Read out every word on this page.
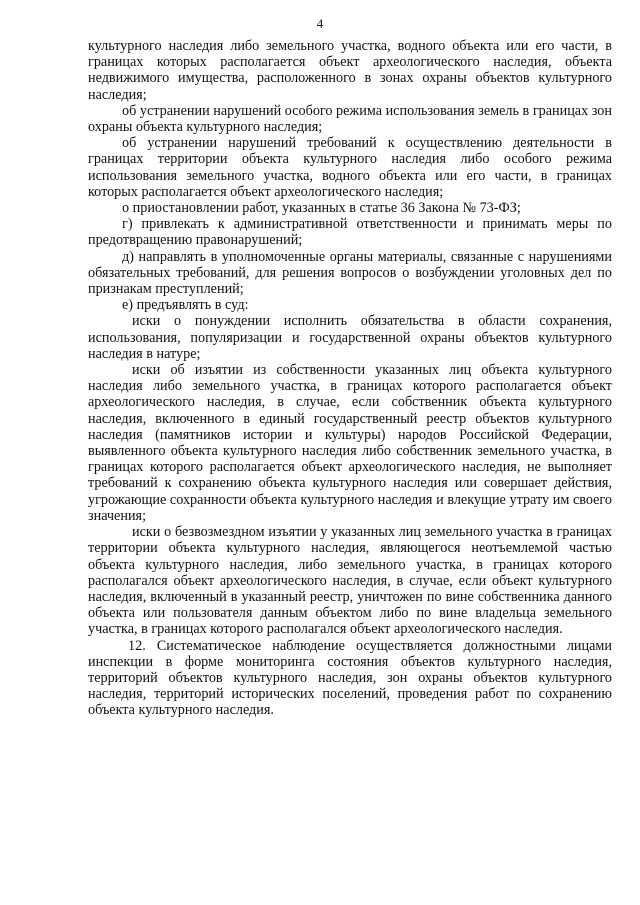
4

культурного наследия либо земельного участка, водного объекта или его части, в границах которых располагается объект археологического наследия, объекта недвижимого имущества, расположенного в зонах охраны объектов культурного наследия;

об устранении нарушений особого режима использования земель в границах зон охраны объекта культурного наследия;

об устранении нарушений требований к осуществлению деятельности в границах территории объекта культурного наследия либо особого режима использования земельного участка, водного объекта или его части, в границах которых располагается объект археологического наследия;

о приостановлении работ, указанных в статье 36 Закона № 73-ФЗ;

г) привлекать к административной ответственности и принимать меры по предотвращению правонарушений;

д) направлять в уполномоченные органы материалы, связанные с нарушениями обязательных требований, для решения вопросов о возбуждении уголовных дел по признакам преступлений;

е) предъявлять в суд:

иски о понуждении исполнить обязательства в области сохранения, использования, популяризации и государственной охраны объектов культурного наследия в натуре;

иски об изъятии из собственности указанных лиц объекта культурного наследия либо земельного участка, в границах которого располагается объект археологического наследия, в случае, если собственник объекта культурного наследия, включенного в единый государственный реестр объектов культурного наследия (памятников истории и культуры) народов Российской Федерации, выявленного объекта культурного наследия либо собственник земельного участка, в границах которого располагается объект археологического наследия, не выполняет требований к сохранению объекта культурного наследия или совершает действия, угрожающие сохранности объекта культурного наследия и влекущие утрату им своего значения;

иски о безвозмездном изъятии у указанных лиц земельного участка в границах территории объекта культурного наследия, являющегося неотъемлемой частью объекта культурного наследия, либо земельного участка, в границах которого располагался объект археологического наследия, в случае, если объект культурного наследия, включенный в указанный реестр, уничтожен по вине собственника данного объекта или пользователя данным объектом либо по вине владельца земельного участка, в границах которого располагался объект археологического наследия.

12. Систематическое наблюдение осуществляется должностными лицами инспекции в форме мониторинга состояния объектов культурного наследия, территорий объектов культурного наследия, зон охраны объектов культурного наследия, территорий исторических поселений, проведения работ по сохранению объекта культурного наследия.
